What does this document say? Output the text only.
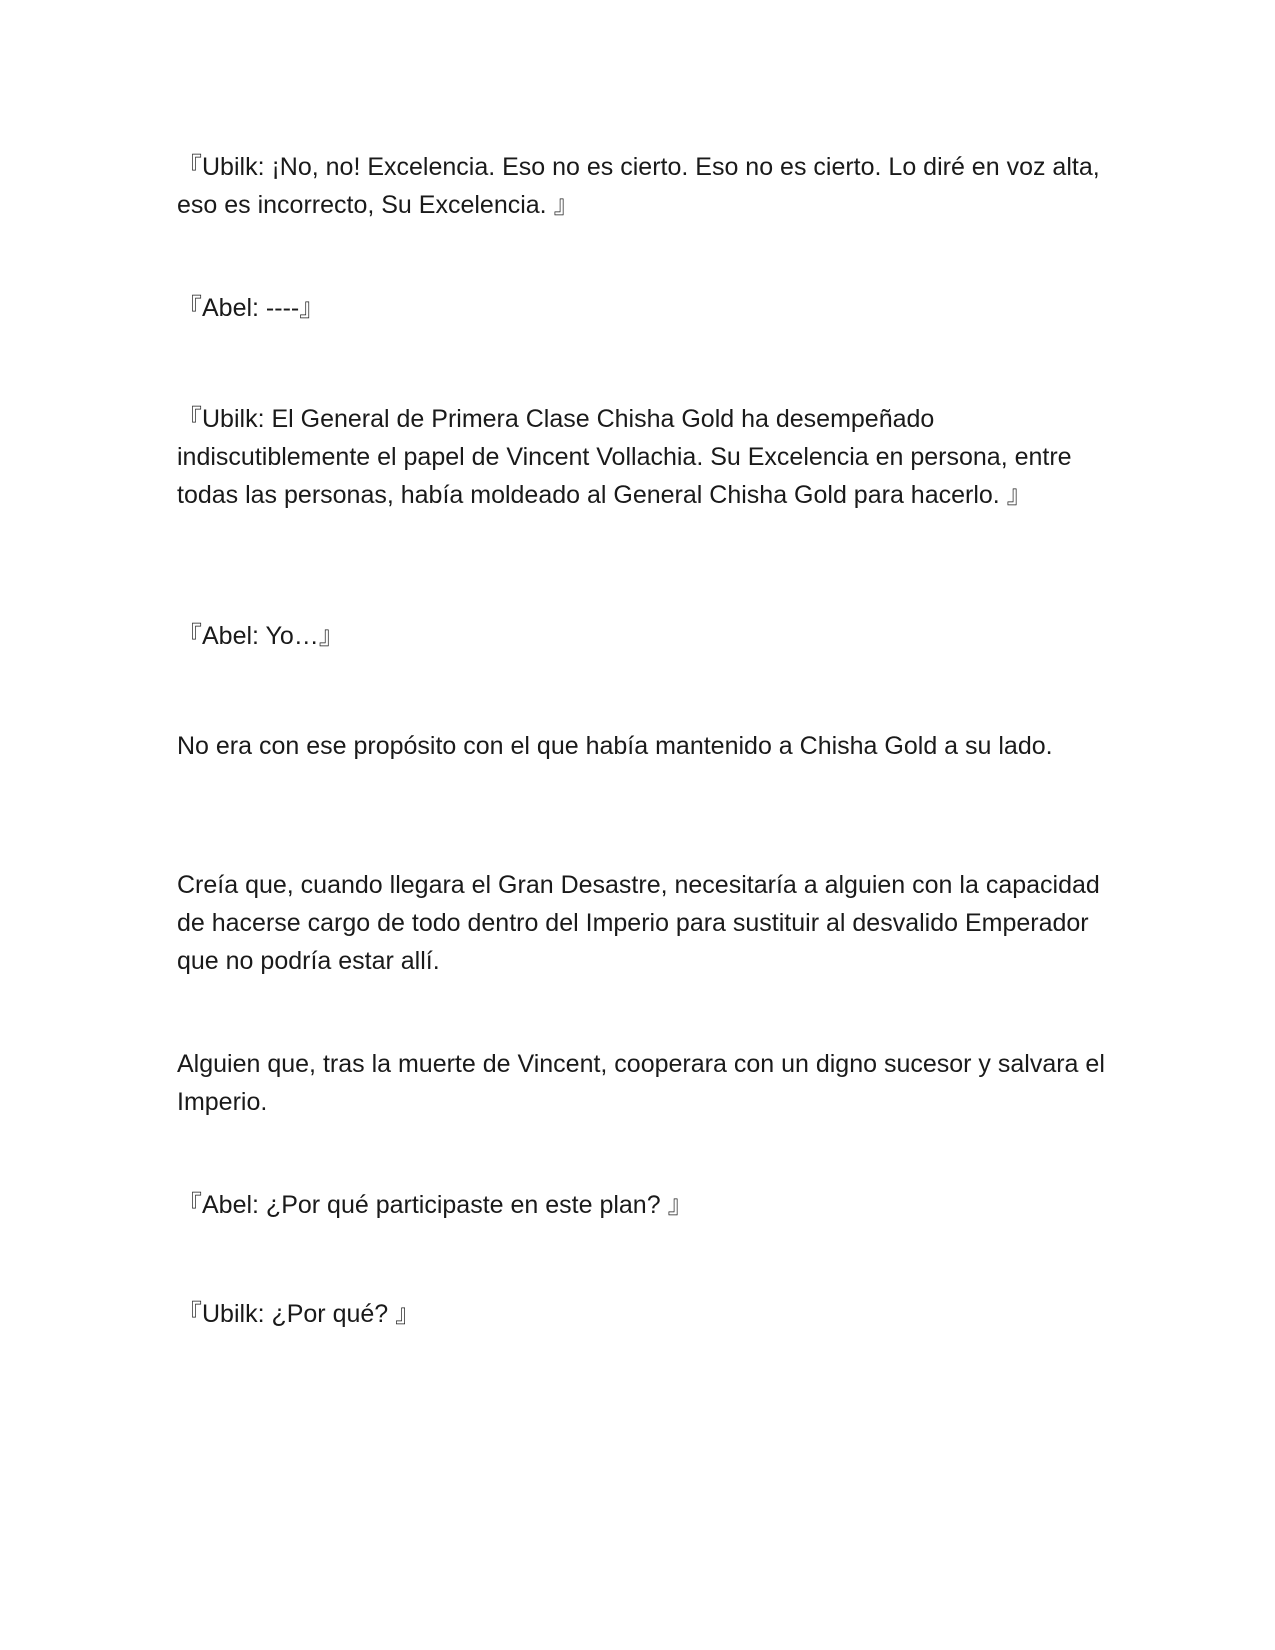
『Ubilk: ¡No, no! Excelencia. Eso no es cierto. Eso no es cierto. Lo diré en voz alta, eso es incorrecto, Su Excelencia. 』

『Abel: ----』

『Ubilk: El General de Primera Clase Chisha Gold ha desempeñado indiscutiblemente el papel de Vincent Vollachia. Su Excelencia en persona, entre todas las personas, había moldeado al General Chisha Gold para hacerlo. 』

『Abel: Yo…』

No era con ese propósito con el que había mantenido a Chisha Gold a su lado.

Creía que, cuando llegara el Gran Desastre, necesitaría a alguien con la capacidad de hacerse cargo de todo dentro del Imperio para sustituir al desvalido Emperador que no podría estar allí.

Alguien que, tras la muerte de Vincent, cooperara con un digno sucesor y salvara el Imperio.

『Abel: ¿Por qué participaste en este plan? 』

『Ubilk: ¿Por qué? 』
